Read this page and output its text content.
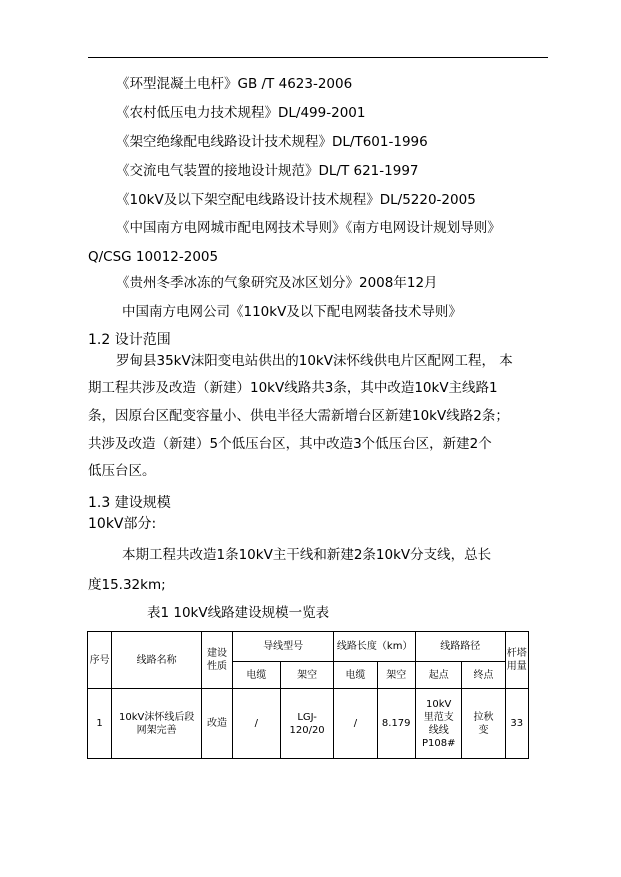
《环型混凝土电杆》GB /T 4623-2006
《农村低压电力技术规程》DL/499-2001
《架空绝缘配电线路设计技术规程》DL/T601-1996
《交流电气装置的接地设计规范》DL/T 621-1997
《10kV及以下架空配电线路设计技术规程》DL/5220-2005
《中国南方电网城市配电网技术导则》《南方电网设计规划导则》
Q/CSG 10012-2005
《贵州冬季冰冻的气象研究及冰区划分》2008年12月
中国南方电网公司《110kV及以下配电网装备技术导则》
1.2 设计范围
罗甸县35kV沫阳变电站供出的10kV沫怀线供电片区配网工程， 本
期工程共涉及改造（新建）10kV线路共3条，其中改造10kV主线路1
条，因原台区配变容量小、供电半径大需新增台区新建10kV线路2条；
共涉及改造（新建）5个低压台区，其中改造3个低压台区，新建2个
低压台区。
1.3 建设规模
10kV部分:
本期工程共改造1条10kV主干线和新建2条10kV分支线，总长
度15.32km;
表1 10kV线路建设规模一览表
序号	线路名称	建设性质	导线型号		线路长度（km）		线路路径		杆塔用量
			电缆	架空	电缆	架空	起点	终点	
1	10kV沫怀线后段网架完善	改造	/	LGJ-120/20	/	8.179	10kV里范支线线P108#	拉秋变	33
